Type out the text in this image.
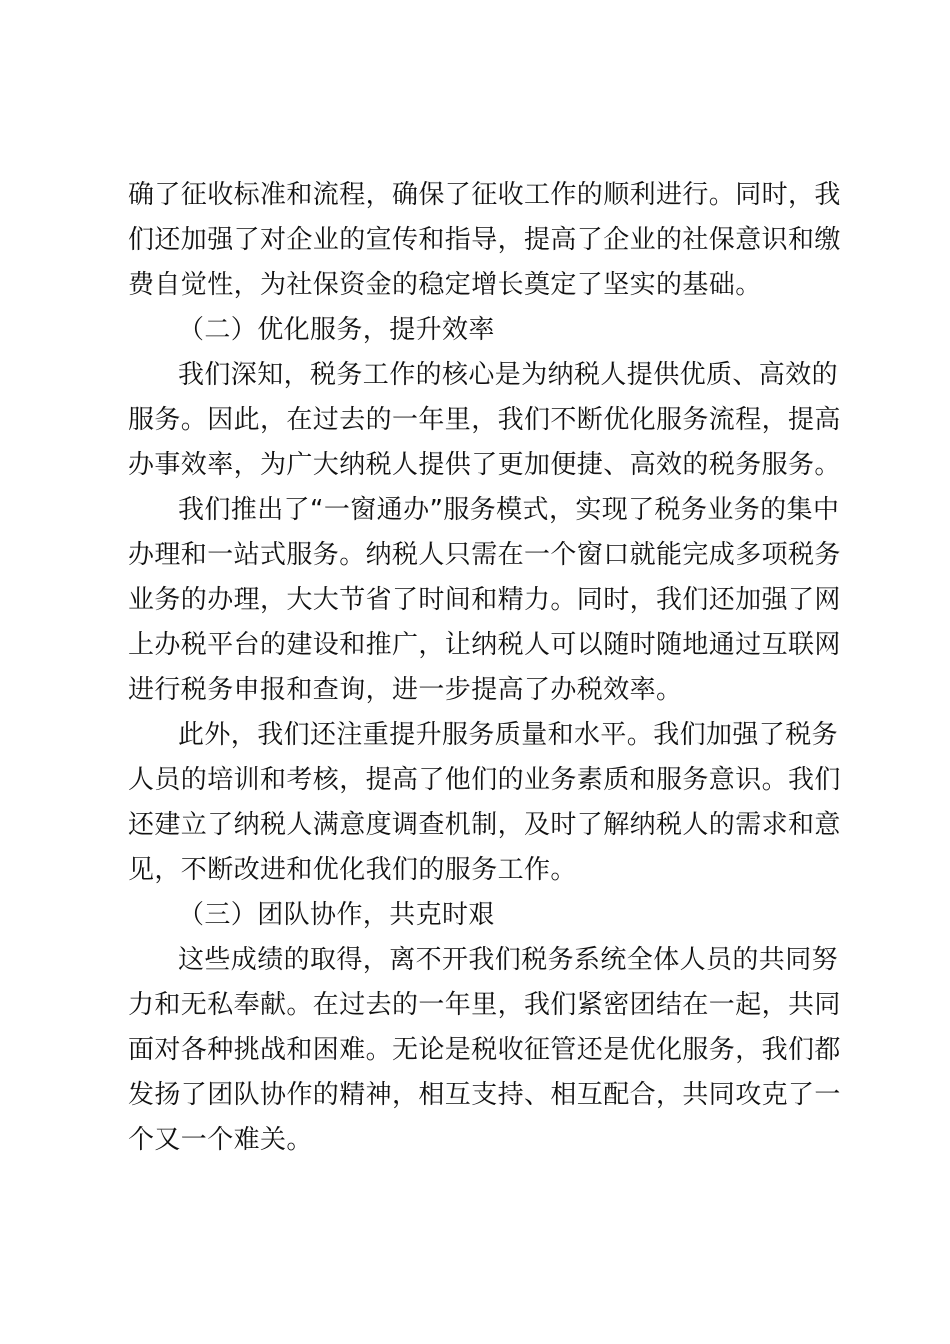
确了征收标准和流程，确保了征收工作的顺利进行。同时，我
们还加强了对企业的宣传和指导，提高了企业的社保意识和缴
费自觉性，为社保资金的稳定增长奠定了坚实的基础。
（二）优化服务，提升效率
我们深知，税务工作的核心是为纳税人提供优质、高效的
服务。因此，在过去的一年里，我们不断优化服务流程，提高
办事效率，为广大纳税人提供了更加便捷、高效的税务服务。
我们推出了“一窗通办”服务模式，实现了税务业务的集中
办理和一站式服务。纳税人只需在一个窗口就能完成多项税务
业务的办理，大大节省了时间和精力。同时，我们还加强了网
上办税平台的建设和推广，让纳税人可以随时随地通过互联网
进行税务申报和查询，进一步提高了办税效率。
此外，我们还注重提升服务质量和水平。我们加强了税务
人员的培训和考核，提高了他们的业务素质和服务意识。我们
还建立了纳税人满意度调查机制，及时了解纳税人的需求和意
见，不断改进和优化我们的服务工作。
（三）团队协作，共克时艰
这些成绩的取得，离不开我们税务系统全体人员的共同努
力和无私奉献。在过去的一年里，我们紧密团结在一起，共同
面对各种挑战和困难。无论是税收征管还是优化服务，我们都
发扬了团队协作的精神，相互支持、相互配合，共同攻克了一
个又一个难关。
